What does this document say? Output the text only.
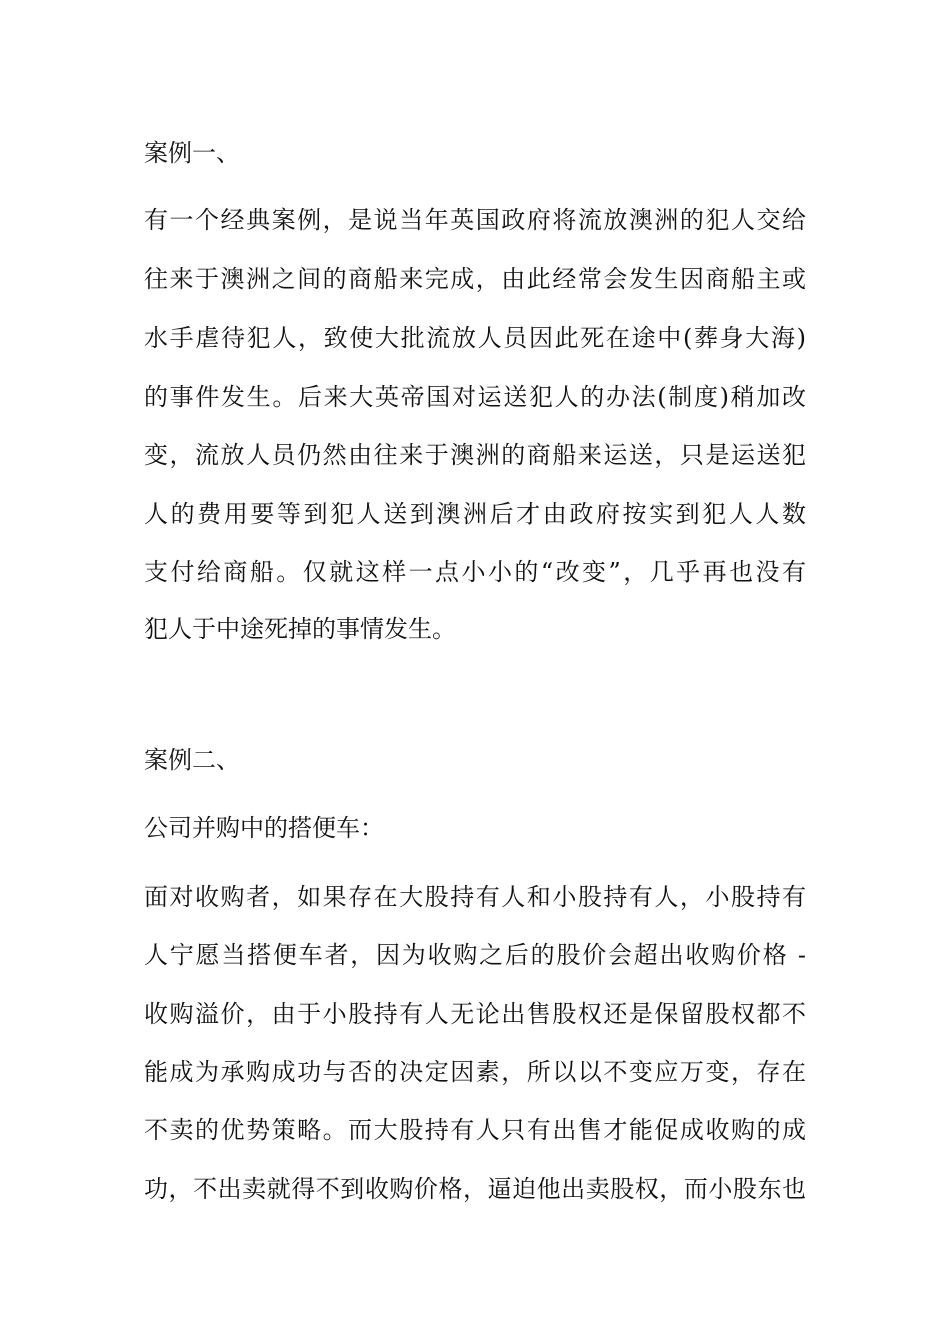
案例一、

有一个经典案例，是说当年英国政府将流放澳洲的犯人交给

往来于澳洲之间的商船来完成，由此经常会发生因商船主或

水手虐待犯人，致使大批流放人员因此死在途中(葬身大海)

的事件发生。后来大英帝国对运送犯人的办法(制度)稍加改

变，流放人员仍然由往来于澳洲的商船来运送，只是运送犯

人的费用要等到犯人送到澳洲后才由政府按实到犯人人数

支付给商船。仅就这样一点小小的“改变”，几乎再也没有

犯人于中途死掉的事情发生。

案例二、

公司并购中的搭便车：

面对收购者，如果存在大股持有人和小股持有人，小股持有

人宁愿当搭便车者，因为收购之后的股价会超出收购价格 -

收购溢价，由于小股持有人无论出售股权还是保留股权都不

能成为承购成功与否的决定因素，所以以不变应万变，存在

不卖的优势策略。而大股持有人只有出售才能促成收购的成

功，不出卖就得不到收购价格，逼迫他出卖股权，而小股东也
